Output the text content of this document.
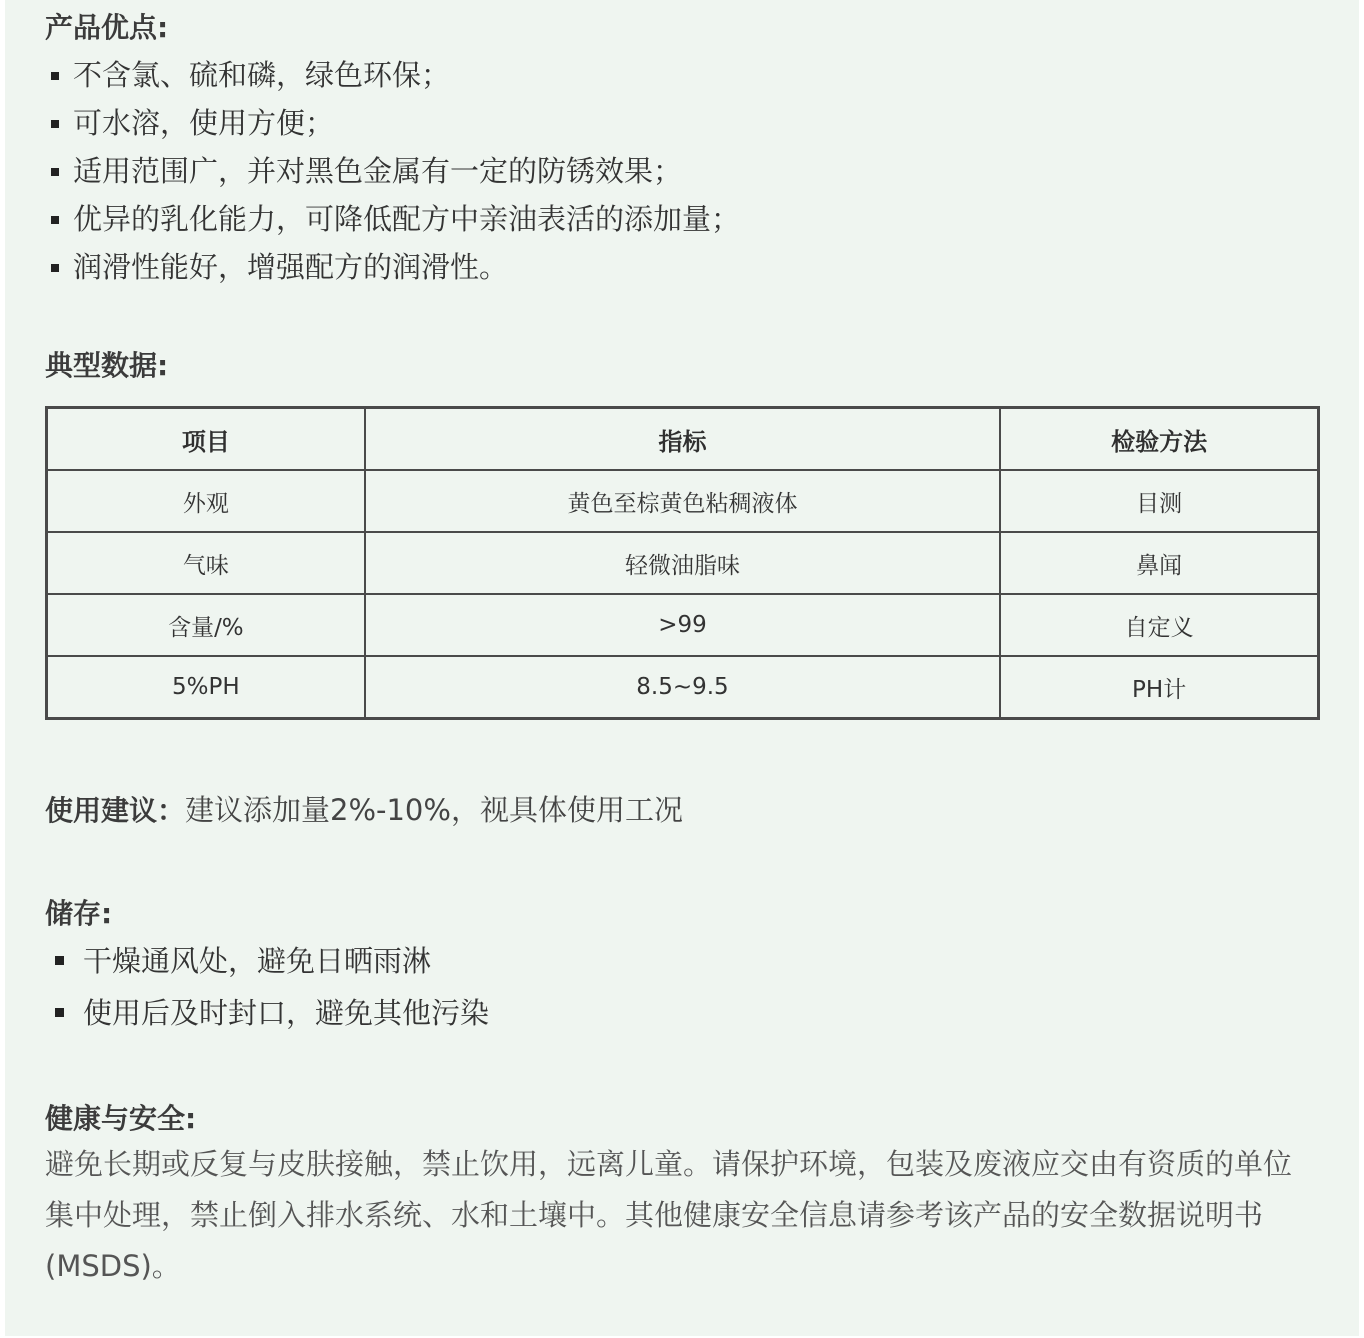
产品优点:
不含氯、硫和磷，绿色环保；
可水溶，使用方便；
适用范围广，并对黑色金属有一定的防锈效果；
优异的乳化能力，可降低配方中亲油表活的添加量；
润滑性能好，增强配方的润滑性。
典型数据:
项目	指标	检验方法
外观	黄色至棕黄色粘稠液体	目测
气味	轻微油脂味	鼻闻
含量/%	>99	自定义
5%PH	8.5~9.5	PH计
使用建议：建议添加量2%-10%，视具体使用工况
储存:
干燥通风处，避免日晒雨淋
使用后及时封口，避免其他污染
健康与安全:

避免长期或反复与皮肤接触，禁止饮用，远离儿童。请保护环境，包装及废液应交由有资质的单位集中处理，禁止倒入排水系统、水和土壤中。其他健康安全信息请参考该产品的安全数据说明书 (MSDS)。
